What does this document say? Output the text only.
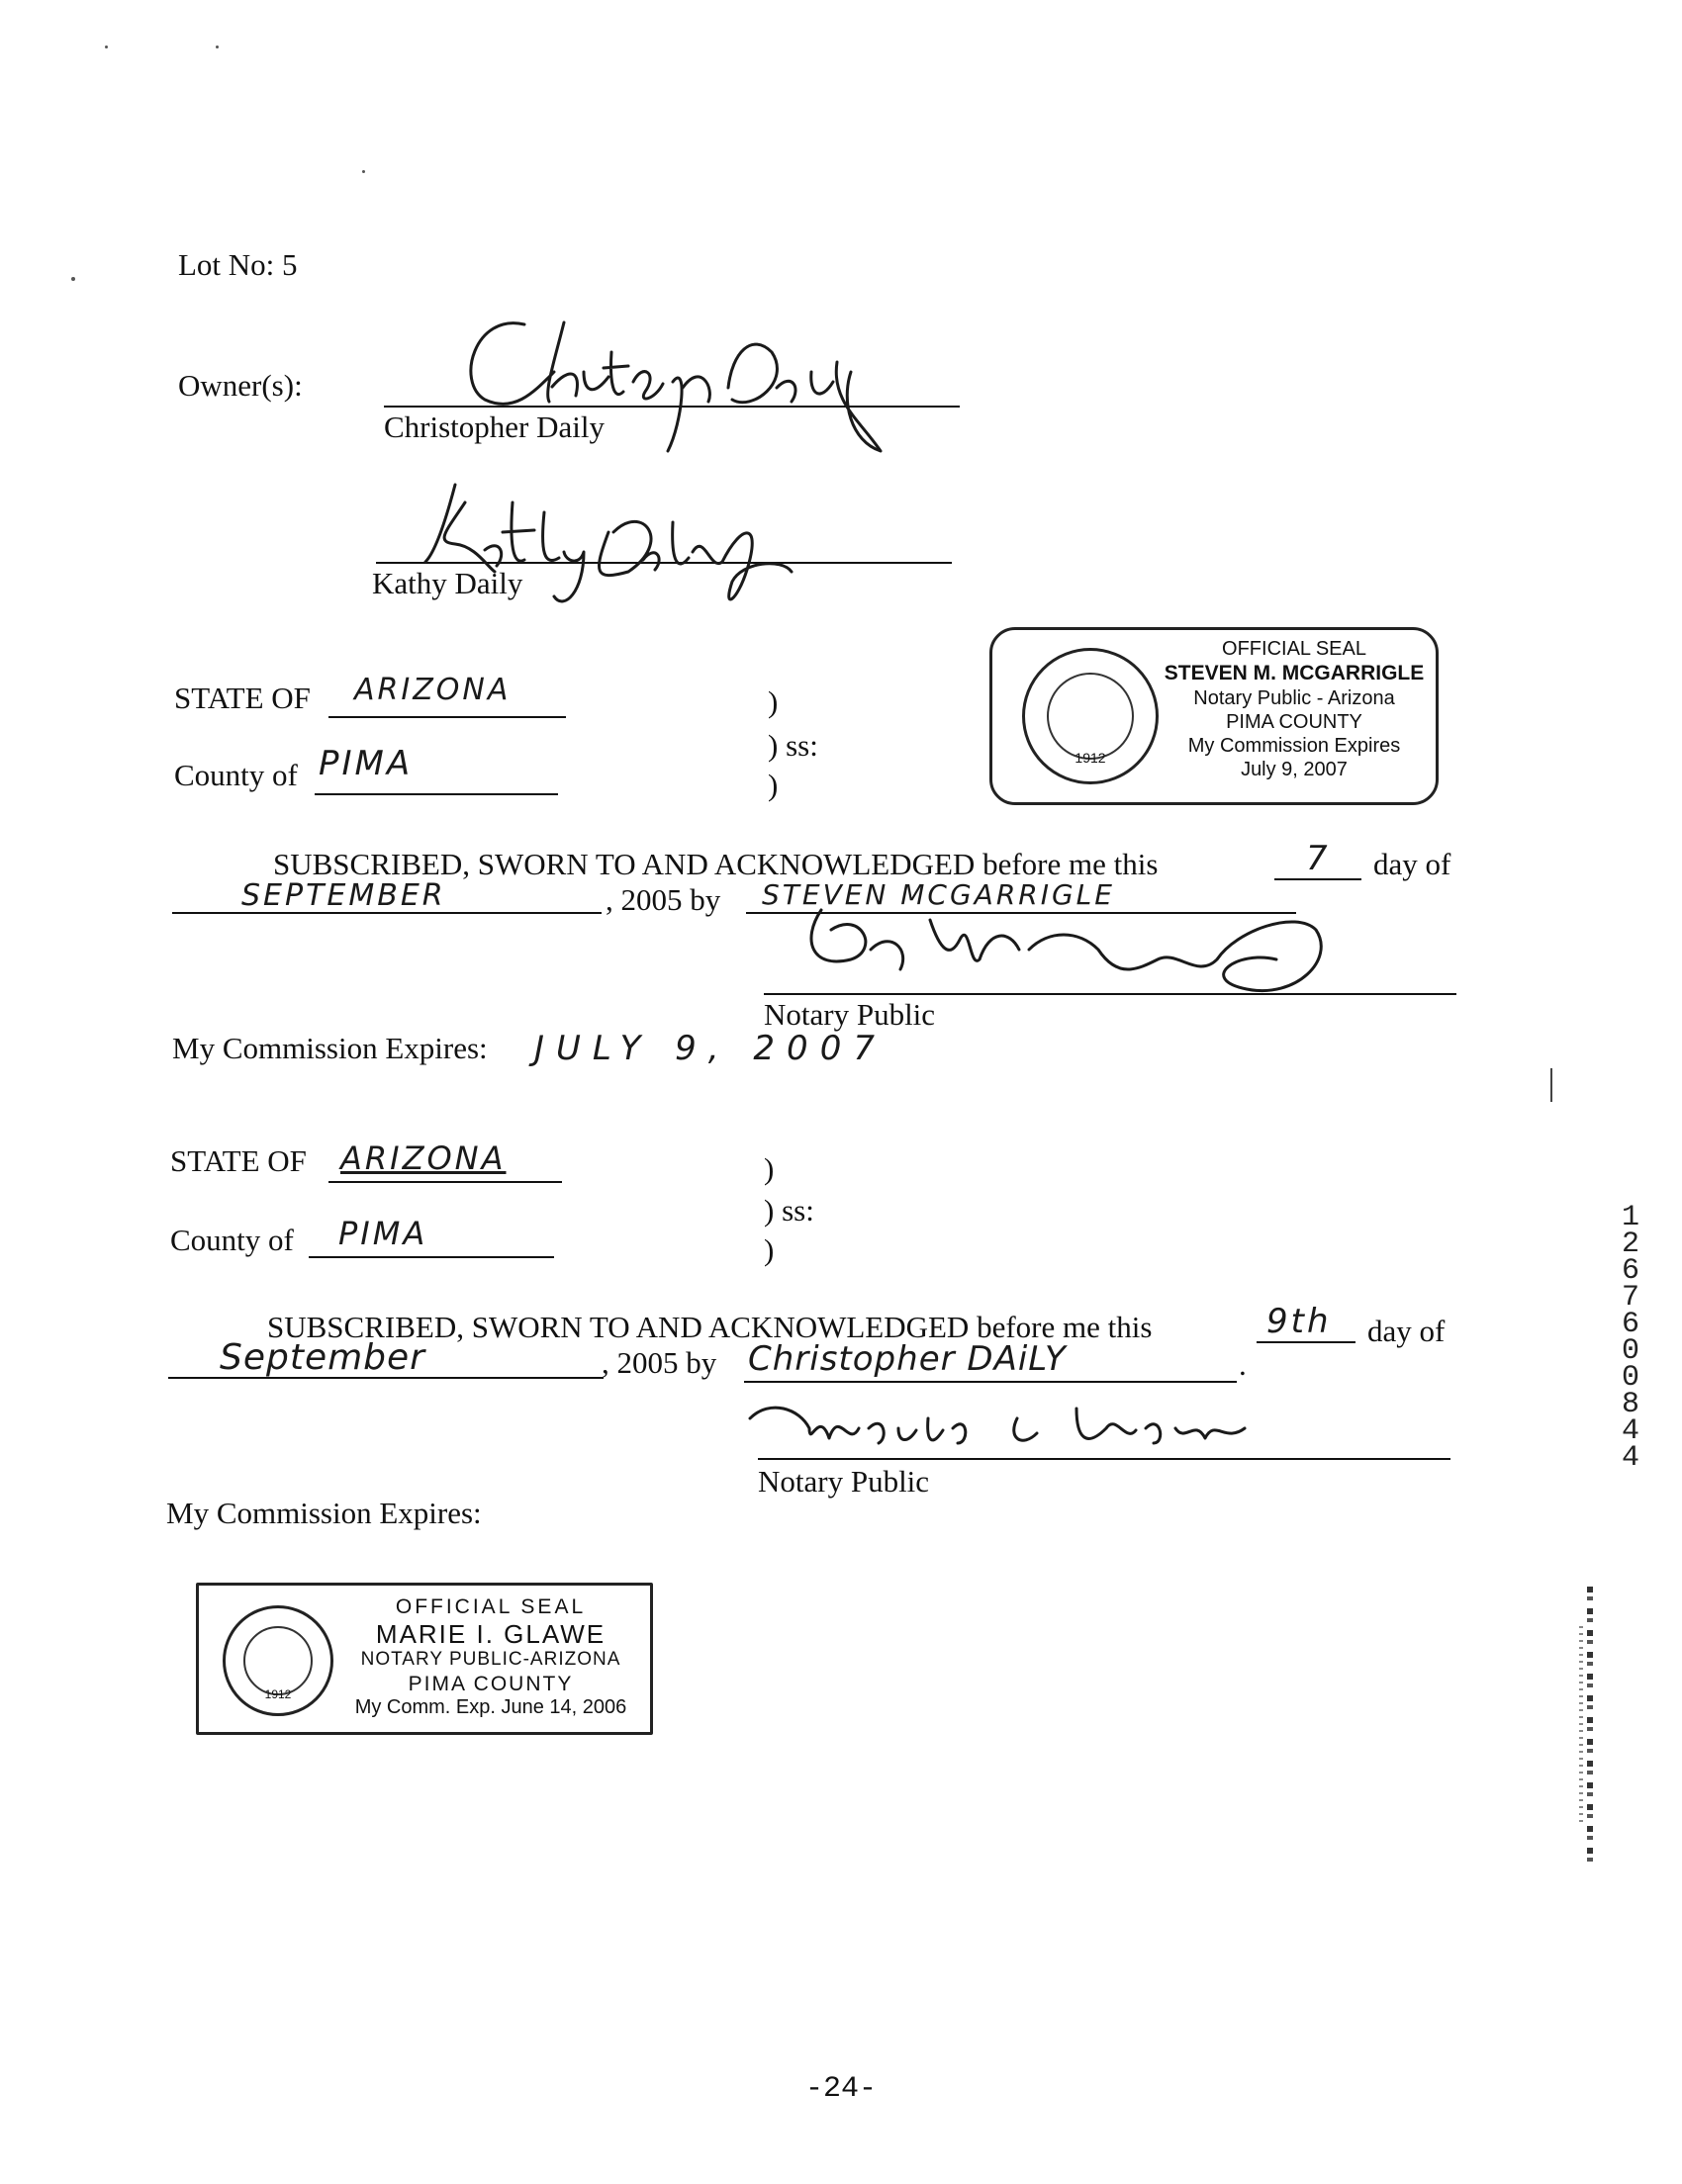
Lot No: 5
Owner(s):
Christopher Daily
Kathy Daily
1912
OFFICIAL SEAL
STEVEN M. MCGARRIGLE
Notary Public - Arizona
PIMA COUNTY
My Commission Expires
July 9, 2007
STATE OF ARIZONA	)
) ss:
)
County of PIMA
SUBSCRIBED, SWORN TO AND ACKNOWLEDGED before me this	7 day of
SEPTEMBER	, 2005 by STEVEN MCGARRIGLE
Notary Public
My Commission Expires: JULY 9, 2007
STATE OF ARIZONA	)
) ss:
)
County of PIMA
SUBSCRIBED, SWORN TO AND ACKNOWLEDGED before me this	9th day of
September	, 2005 by Christopher DAiLY	.
Notary Public
My Commission Expires:
1912
OFFICIAL SEAL
MARIE I. GLAWE
NOTARY PUBLIC-ARIZONA
PIMA COUNTY
My Comm. Exp. June 14, 2006
12676 00844
-24-
